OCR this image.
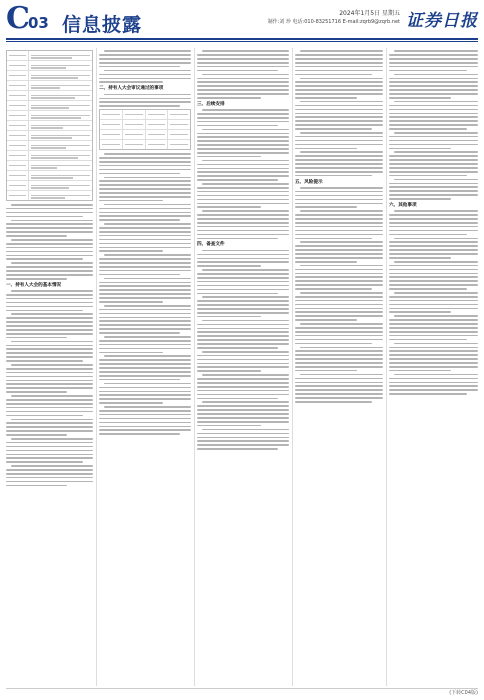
C
03 信息披露
2024年1月5日 星期五
制作:刘 珍 电话:010-83251716 E-mail:zqrb9@zqrb.net 证券日报
一、持有人大会的基本情况
二、持有人大会审议通过的事项
三、后续安排
四、备查文件
五、风险提示
六、其他事项
(下转C04版)
